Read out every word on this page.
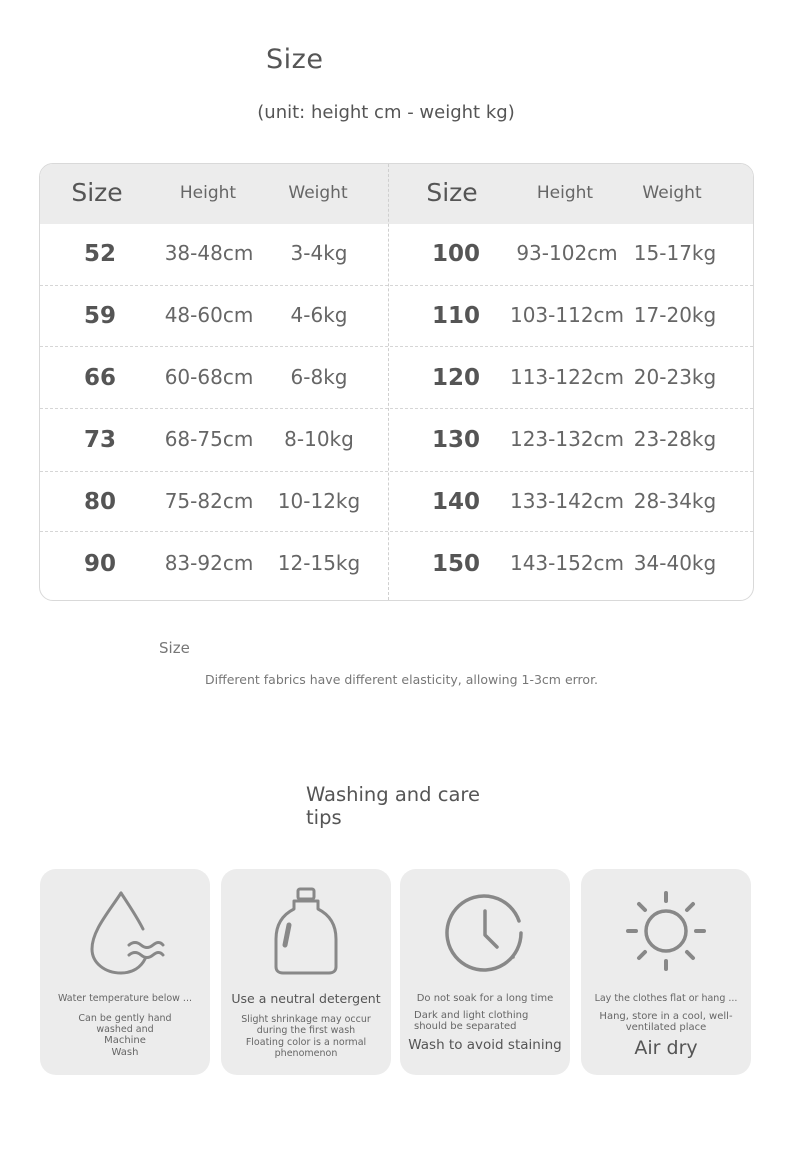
Size
(unit: height cm - weight kg)
Size	Height	Weight	Size	Height	Weight
52 38-48cm 3-4kg	100 93-102cm 15-17kg
59 48-60cm 4-6kg	110 103-112cm 17-20kg
66 60-68cm 6-8kg	120 113-122cm 20-23kg
73 68-75cm 8-10kg	130 123-132cm 23-28kg
80 75-82cm 10-12kg	140 133-142cm 28-34kg
90 83-92cm 12-15kg	150 143-152cm 34-40kg
Size
Different fabrics have different elasticity, allowing 1-3cm error.
Washing and care tips
Water temperature below ...
Can be gently hand washed and
Machine
Wash
Use a neutral detergent
Slight shrinkage may occur during the first wash
Floating color is a normal phenomenon
Do not soak for a long time
Dark and light clothing should be separated
Wash to avoid staining
Lay the clothes flat or hang ...
Hang, store in a cool, well-ventilated place
Air dry
